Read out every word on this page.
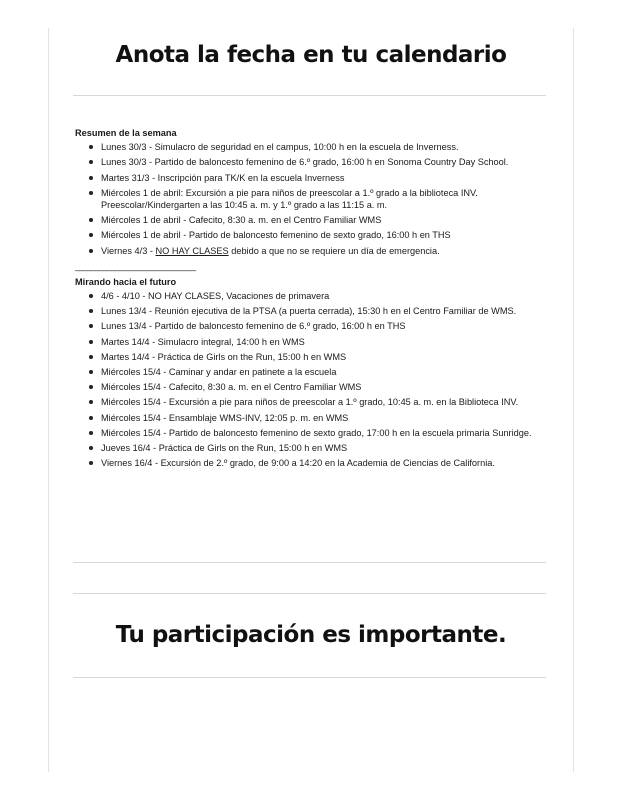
Anota la fecha en tu calendario

Resumen de la semana

Lunes 30/3 - Simulacro de seguridad en el campus, 10:00 h en la escuela de Inverness.
Lunes 30/3 - Partido de baloncesto femenino de 6.º grado, 16:00 h en Sonoma Country Day School.
Martes 31/3 - Inscripción para TK/K en la escuela Inverness
Miércoles 1 de abril: Excursión a pie para niños de preescolar a 1.º grado a la biblioteca INV. Preescolar/Kindergarten a las 10:45 a. m. y 1.º grado a las 11:15 a. m.
Miércoles 1 de abril - Cafecito, 8:30 a. m. en el Centro Familiar WMS
Miércoles 1 de abril - Partido de baloncesto femenino de sexto grado, 16:00 h en THS
Viernes 4/3 - NO HAY CLASES debido a que no se requiere un día de emergencia.
______________________________

Mirando hacia el futuro

4/6 - 4/10 - NO HAY CLASES, Vacaciones de primavera
Lunes 13/4 - Reunión ejecutiva de la PTSA (a puerta cerrada), 15:30 h en el Centro Familiar de WMS.
Lunes 13/4 - Partido de baloncesto femenino de 6.º grado, 16:00 h en THS
Martes 14/4 - Simulacro integral, 14:00 h en WMS
Martes 14/4 - Práctica de Girls on the Run, 15:00 h en WMS
Miércoles 15/4 - Caminar y andar en patinete a la escuela
Miércoles 15/4 - Cafecito, 8:30 a. m. en el Centro Familiar WMS
Miércoles 15/4 - Excursión a pie para niños de preescolar a 1.º grado, 10:45 a. m. en la Biblioteca INV.
Miércoles 15/4 - Ensamblaje WMS-INV, 12:05 p. m. en WMS
Miércoles 15/4 - Partido de baloncesto femenino de sexto grado, 17:00 h en la escuela primaria Sunridge.
Jueves 16/4 - Práctica de Girls on the Run, 15:00 h en WMS
Viernes 16/4 - Excursión de 2.º grado, de 9:00 a 14:20 en la Academia de Ciencias de California.
Tu participación es importante.
